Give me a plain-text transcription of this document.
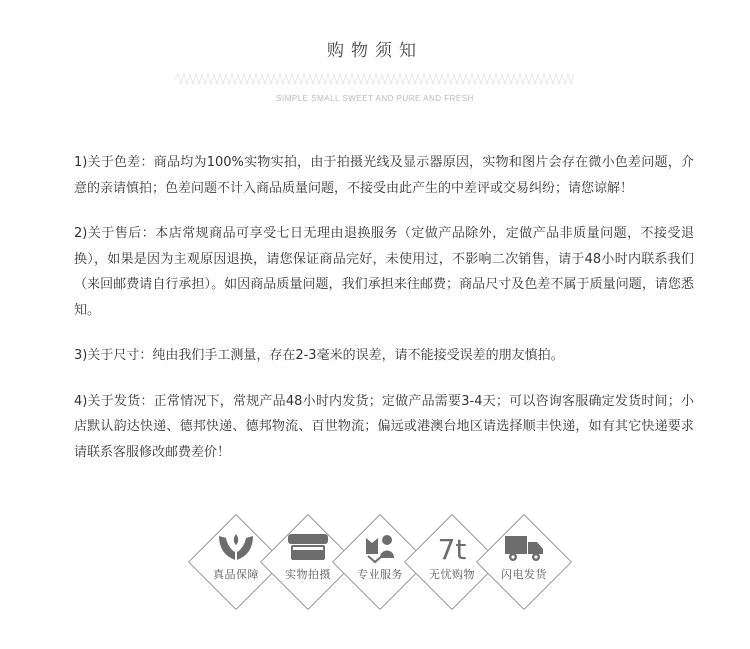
购物须知
SIMPLE SMALL SWEET AND PURE AND FRESH

1)关于色差：商品均为100%实物实拍，由于拍摄光线及显示器原因，实物和图片会存在微小色差问题，介意的亲请慎拍；色差问题不计入商品质量问题，不接受由此产生的中差评或交易纠纷；请您谅解！

2)关于售后：本店常规商品可享受七日无理由退换服务（定做产品除外，定做产品非质量问题，不接受退换），如果是因为主观原因退换，请您保证商品完好，未使用过，不影响二次销售，请于48小时内联系我们（来回邮费请自行承担）。如因商品质量问题，我们承担来往邮费；商品尺寸及色差不属于质量问题，请您悉知。

3)关于尺寸：纯由我们手工测量，存在2-3毫米的误差，请不能接受误差的朋友慎拍。

4)关于发货：正常情况下，常规产品48小时内发货；定做产品需要3-4天；可以咨询客服确定发货时间；小店默认韵达快递、德邦快递、德邦物流、百世物流；偏远或港澳台地区请选择顺丰快递，如有其它快递要求请联系客服修改邮费差价！

真品保障	实物拍摄	专业服务
7t
无忧购物	闪电发货
